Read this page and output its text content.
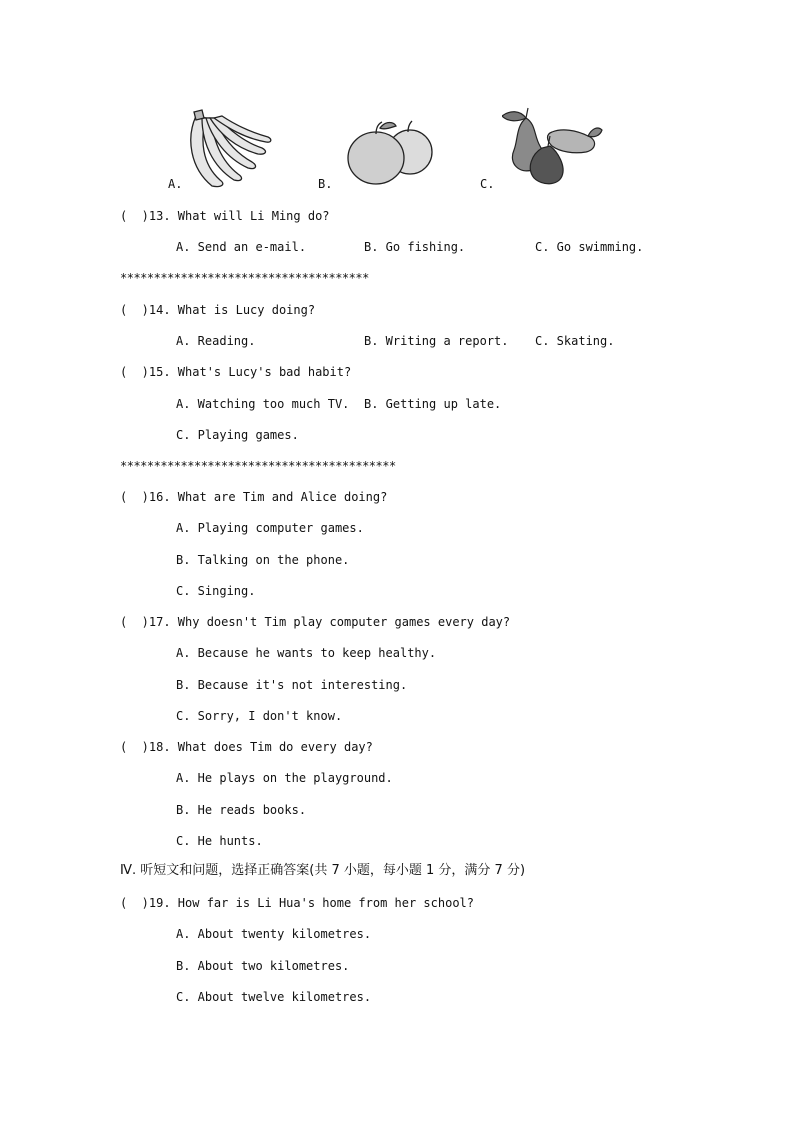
A.	B.	C.
(  )13. What will Li Ming do?
A. Send an e-mail.	B. Go fishing.	C. Go swimming.
*************************************
(  )14. What is Lucy doing?
A. Reading.	B. Writing a report. C. Skating.
(  )15. What's Lucy's bad habit?
A. Watching too much TV. B. Getting up late.
C. Playing games.
*****************************************
(  )16. What are Tim and Alice doing?
A. Playing computer games.
B. Talking on the phone.
C. Singing.
(  )17. Why doesn't Tim play computer games every day?
A. Because he wants to keep healthy.
B. Because it's not interesting.
C. Sorry, I don't know.
(  )18. What does Tim do every day?
A. He plays on the playground.
B. He reads books.
C. He hunts.
Ⅳ. 听短文和问题，选择正确答案(共 7 小题，每小题 1 分，满分 7 分)
(  )19. How far is Li Hua's home from her school?
A. About twenty kilometres.
B. About two kilometres.
C. About twelve kilometres.
